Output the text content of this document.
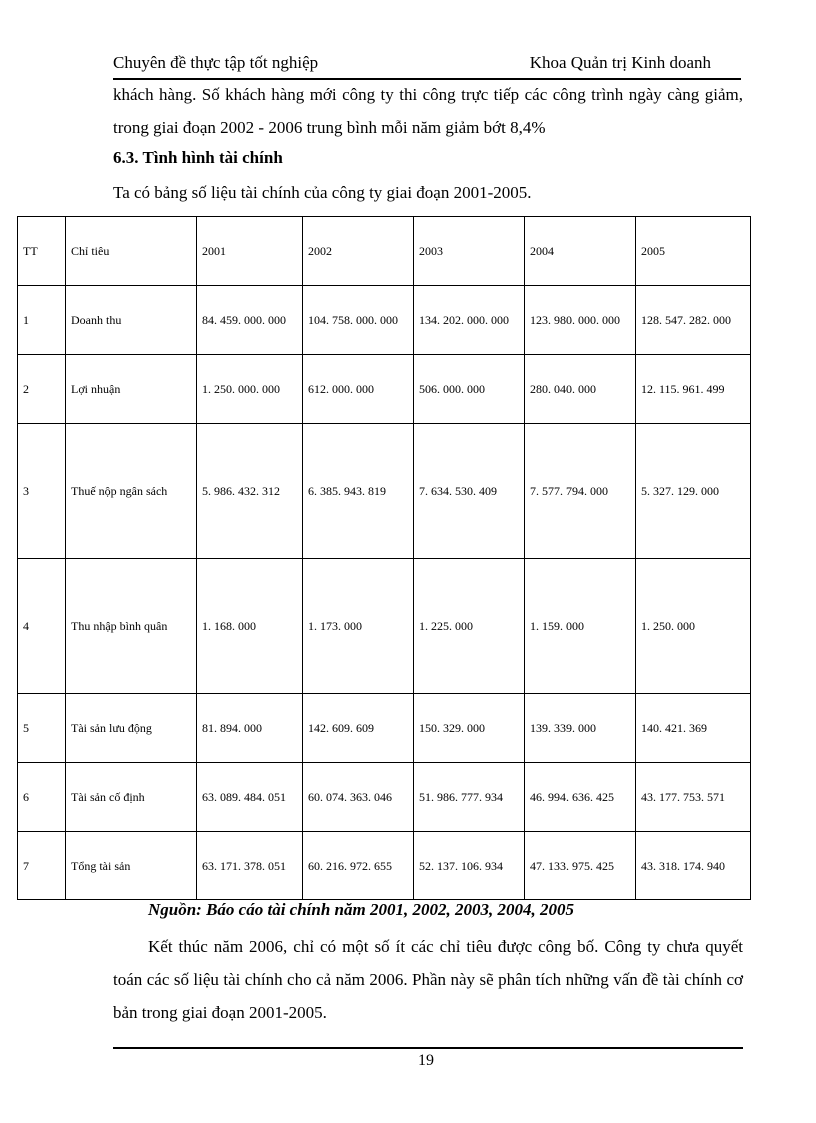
Chuyên đề thực tập tốt nghiệp	Khoa Quản trị Kinh doanh

khách hàng. Số khách hàng mới công ty thi công trực tiếp các công trình ngày càng giảm, trong giai đoạn 2002 - 2006 trung bình mỗi năm giảm bớt 8,4%

6.3. Tình hình tài chính

Ta có bảng số liệu tài chính của công ty giai đoạn 2001-2005.

TT	Chỉ tiêu	2001	2002	2003	2004	2005
1	Doanh thu	84. 459. 000. 000	104. 758. 000. 000	134. 202. 000. 000	123. 980. 000. 000	128. 547. 282. 000
2	Lợi nhuận	1. 250. 000. 000	612. 000. 000	506. 000. 000	280. 040. 000	12. 115. 961. 499
3	Thuế nộp ngân sách	5. 986. 432. 312	6. 385. 943. 819	7. 634. 530. 409	7. 577. 794. 000	5. 327. 129. 000
4	Thu nhập bình quân	1. 168. 000	1. 173. 000	1. 225. 000	1. 159. 000	1. 250. 000
5	Tài sản lưu động	81. 894. 000	142. 609. 609	150. 329. 000	139. 339. 000	140. 421. 369
6	Tài sản cố định	63. 089. 484. 051	60. 074. 363. 046	51. 986. 777. 934	46. 994. 636. 425	43. 177. 753. 571
7	Tổng tài sản	63. 171. 378. 051	60. 216. 972. 655	52. 137. 106. 934	47. 133. 975. 425	43. 318. 174. 940

Nguồn: Báo cáo tài chính năm 2001, 2002, 2003, 2004, 2005

Kết thúc năm 2006, chỉ có một số ít các chỉ tiêu được công bố. Công ty chưa quyết toán các số liệu tài chính cho cả năm 2006. Phần này sẽ phân tích những vấn đề tài chính cơ bản trong giai đoạn 2001-2005.

19
